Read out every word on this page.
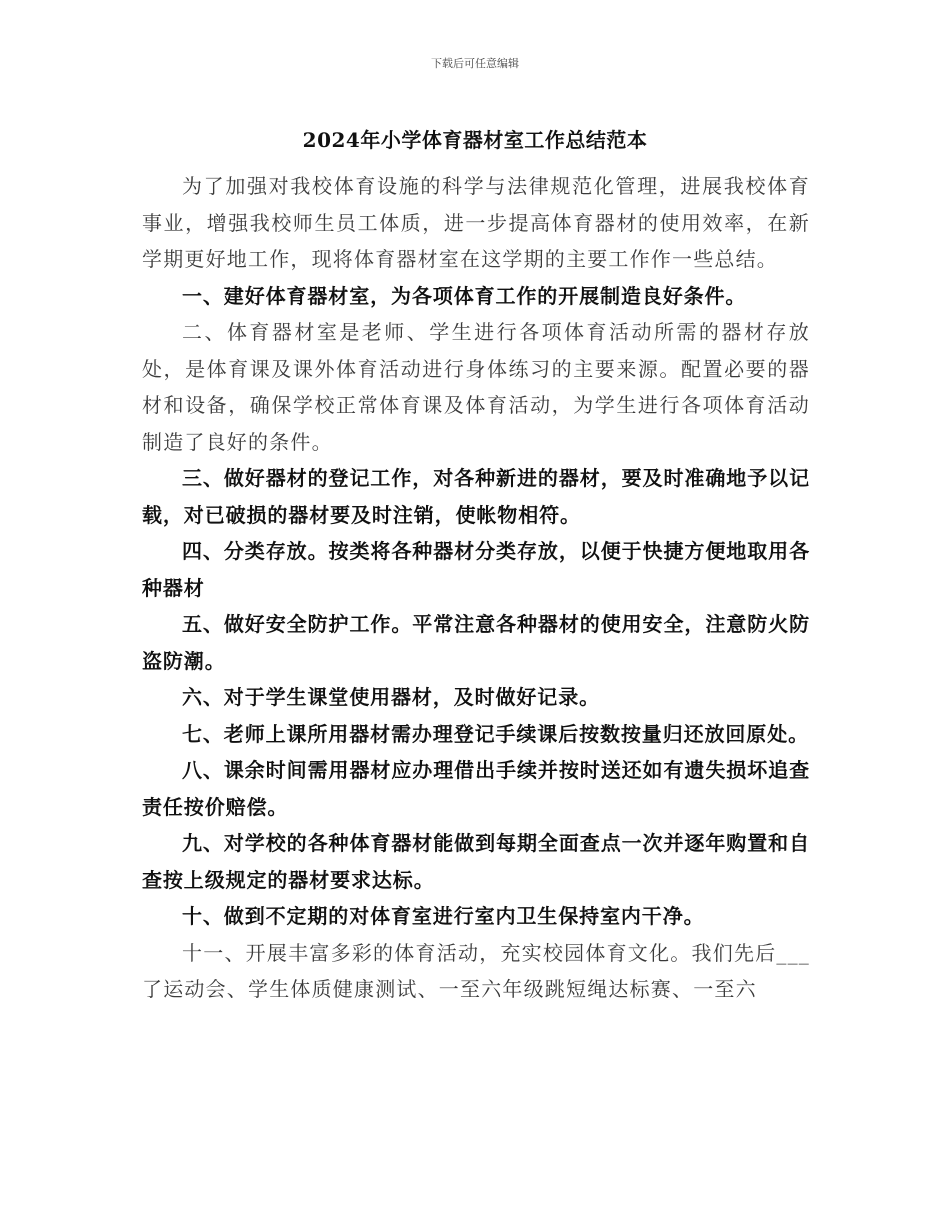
下载后可任意编辑
2024年小学体育器材室工作总结范本

为了加强对我校体育设施的科学与法律规范化管理，进展我校体育事业，增强我校师生员工体质，进一步提高体育器材的使用效率，在新学期更好地工作，现将体育器材室在这学期的主要工作作一些总结。

一、建好体育器材室，为各项体育工作的开展制造良好条件。

二、体育器材室是老师、学生进行各项体育活动所需的器材存放处，是体育课及课外体育活动进行身体练习的主要来源。配置必要的器材和设备，确保学校正常体育课及体育活动，为学生进行各项体育活动制造了良好的条件。

三、做好器材的登记工作，对各种新进的器材，要及时准确地予以记载，对已破损的器材要及时注销，使帐物相符。

四、分类存放。按类将各种器材分类存放，以便于快捷方便地取用各种器材

五、做好安全防护工作。平常注意各种器材的使用安全，注意防火防盗防潮。

六、对于学生课堂使用器材，及时做好记录。

七、老师上课所用器材需办理登记手续课后按数按量归还放回原处。

八、课余时间需用器材应办理借出手续并按时送还如有遗失损坏追查责任按价赔偿。

九、对学校的各种体育器材能做到每期全面查点一次并逐年购置和自查按上级规定的器材要求达标。

十、做到不定期的对体育室进行室内卫生保持室内干净。

十一、开展丰富多彩的体育活动，充实校园体育文化。我们先后___了运动会、学生体质健康测试、一至六年级跳短绳达标赛、一至六
